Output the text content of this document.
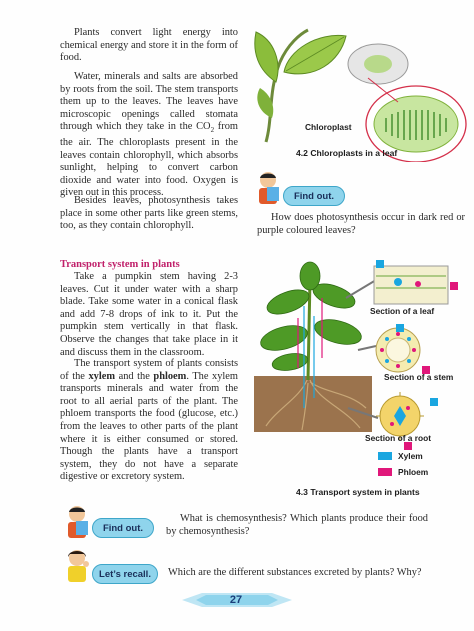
Plants convert light energy into chemical energy and store it in the form of food.

Water, minerals and salts are absorbed by roots from the soil. The stem transports them up to the leaves. The leaves have microscopic openings called stomata through which they take in the $CO_2$ from the air. The chloroplasts present in the leaves contain chlorophyll, which absorbs sunlight, helping to convert carbon dioxide and water into food. Oxygen is given out in this process.

Besides leaves, photosynthesis takes place in some other parts like green stems, too, as they contain chlorophyll.

Transport system in plants

Take a pumpkin stem having 2-3 leaves. Cut it under water with a sharp blade. Take some water in a conical flask and add 7-8 drops of ink to it. Put the pumpkin stem vertically in that flask. Observe the changes that take place in it and discuss them in the classroom.

The transport system of plants consists of the xylem and the phloem. The xylem transports minerals and water from the root to all aerial parts of the plant. The phloem transports the food (glucose, etc.) from the leaves to other parts of the plant where it is either consumed or stored. Though the plants have a transport system, they do not have a separate digestive or excretory system.

Chloroplast
4.2 Chloroplasts in a leaf
Find out.

How does photosynthesis occur in dark red or purple coloured leaves?

Section of a leaf
Section of a stem
Section of a root
Xylem
Phloem
4.3 Transport system in plants
Find out.

What is chemosynthesis? Which plants produce their food by chemosynthesis?

Let’s recall.	Which are the different substances excreted by plants? Why?

27
